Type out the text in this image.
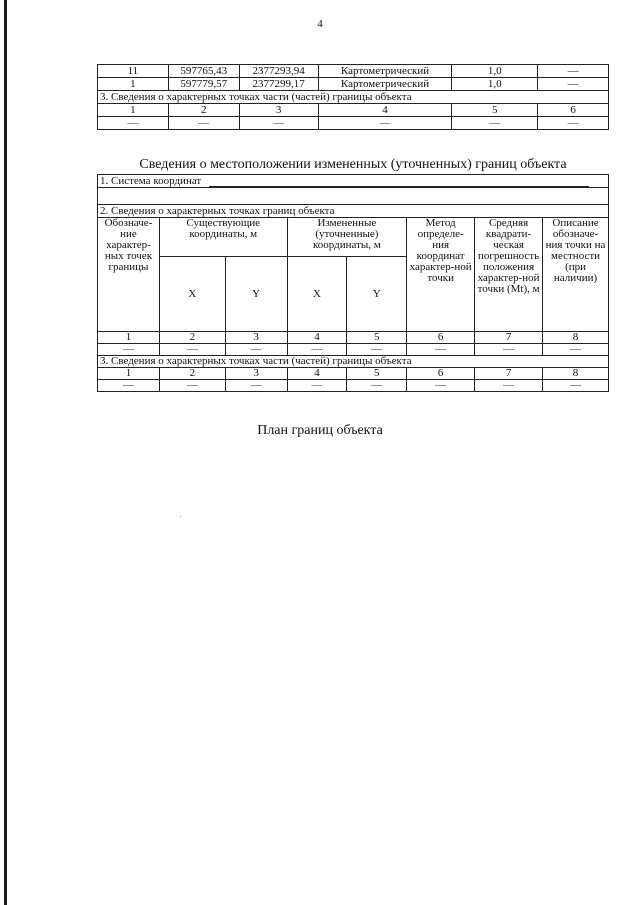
4
11	597765,43	2377293,94	Картометрический	1,0	—
1	597779,57	2377299,17	Картометрический	1,0	—
3. Сведения о характерных точках части (частей) границы объекта					
1	2	3	4	5	6
—	—	—	—	—	—
Сведения о местоположении измененных (уточненных) границ объекта
1. Система координат							

2. Сведения о характерных точках границ объекта							
Обозначе-ние характер-ных точек границы	Существующие координаты, м		Измененные (уточненные) координаты, м		Метод определе-ния координат характер-ной точки	Средняя квадрати-ческая погрешность положения характер-ной точки (Mt), м	Описание обозначе-ния точки на местности (при наличии)
	X	Y	X	Y			
1	2	3	4	5	6	7	8
—	—	—	—	—	—	—	—
3. Сведения о характерных точках части (частей) границы объекта							
1	2	3	4	5	6	7	8
—	—	—	—	—	—	—	—
План границ объекта
